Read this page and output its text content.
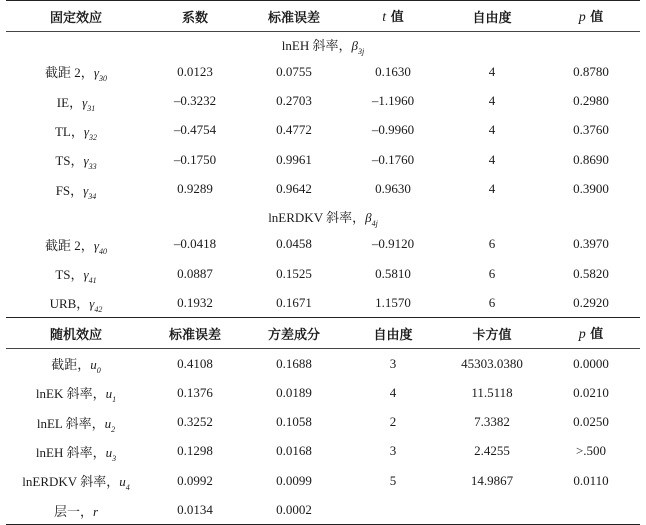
固定效应	系数	标准误差	t 值	自由度	p 值
lnEH 斜率，$\beta_{3j}$
截距 2，$\gamma_{30}$	0.0123	0.0755	0.1630	4	0.8780
IE，$\gamma_{31}$	–0.3232	0.2703	–1.1960	4	0.2980
TL，$\gamma_{32}$	–0.4754	0.4772	–0.9960	4	0.3760
TS，$\gamma_{33}$	–0.1750	0.9961	–0.1760	4	0.8690
FS，$\gamma_{34}$	0.9289	0.9642	0.9630	4	0.3900
lnERDKV 斜率，$\beta_{4j}$
截距 2，$\gamma_{40}$	–0.0418	0.0458	–0.9120	6	0.3970
TS，$\gamma_{41}$	0.0887	0.1525	0.5810	6	0.5820
URB，$\gamma_{42}$	0.1932	0.1671	1.1570	6	0.2920
随机效应	标准误差	方差成分	自由度	卡方值	p 值
截距，$u_0$	0.4108	0.1688	3	45303.0380	0.0000
lnEK 斜率，$u_1$	0.1376	0.0189	4	11.5118	0.0210
lnEL 斜率，$u_2$	0.3252	0.1058	2	7.3382	0.0250
lnEH 斜率，$u_3$	0.1298	0.0168	3	2.4255	>.500
lnERDKV 斜率，$u_4$	0.0992	0.0099	5	14.9867	0.0110
层一，r	0.0134	0.0002			
